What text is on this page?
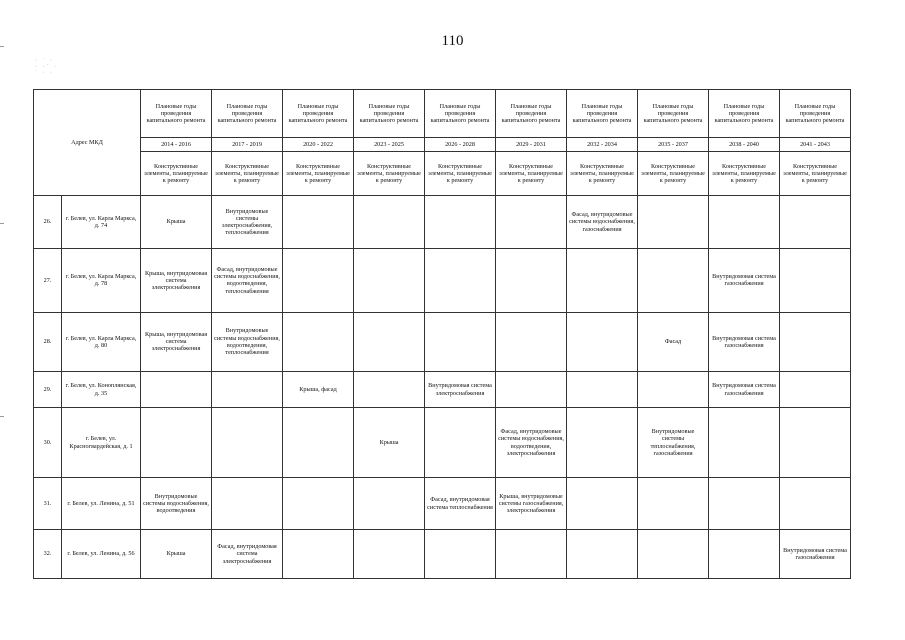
110
· ˙ ·
· ·˙ ·
˙ · ·
Адрес МКД		Плановые годы проведения капитального ремонта	Плановые годы проведения капитального ремонта	Плановые годы проведения капитального ремонта	Плановые годы проведения капитального ремонта	Плановые годы проведения капитального ремонта	Плановые годы проведения капитального ремонта	Плановые годы проведения капитального ремонта	Плановые годы проведения капитального ремонта	Плановые годы проведения капитального ремонта	Плановые годы проведения капитального ремонта
		2014 - 2016	2017 - 2019	2020 - 2022	2023 - 2025	2026 - 2028	2029 - 2031	2032 - 2034	2035 - 2037	2038 - 2040	2041 - 2043
		Конструктивные элементы, планируемые к ремонту	Конструктивные элементы, планируемые к ремонту	Конструктивные элементы, планируемые к ремонту	Конструктивные элементы, планируемые к ремонту	Конструктивные элементы, планируемые к ремонту	Конструктивные элементы, планируемые к ремонту	Конструктивные элементы, планируемые к ремонту	Конструктивные элементы, планируемые к ремонту	Конструктивные элементы, планируемые к ремонту	Конструктивные элементы, планируемые к ремонту
26.	г. Белев, ул. Карла Маркса, д. 74	Крыша	Внутридомовые системы электроснабжения, теплоснабжения					Фасад, внутридомовые системы водоснабжения, газоснабжения			
27.	г. Белев, ул. Карла Маркса, д. 78	Крыша, внутридомовая система электроснабжения	Фасад, внутридомовые системы водоснабжения, водоотведения, теплоснабжения							Внутридомовая система газоснабжения	
28.	г. Белев, ул. Карла Маркса, д. 80	Крыша, внутридомовая система электроснабжения	Внутридомовые системы водоснабжения, водоотведения, теплоснабжения						Фасад	Внутридомовая система газоснабжения	
29.	г. Белев, ул. Коноплянская, д. 35			Крыша, фасад		Внутридомовая система электроснабжения				Внутридомовая система газоснабжения	
30.	г. Белев, ул. Красногвардейская, д. 1				Крыша		Фасад, внутридомовые системы водоснабжения, водоотведения, электроснабжения		Внутридомовые системы теплоснабжения, газоснабжения		
31.	г. Белев, ул. Ленина, д. 51	Внутридомовые системы водоснабжения, водоотведения				Фасад, внутридомовая система теплоснабжения	Крыша, внутридомовые системы газоснабжения, электроснабжения				
32.	г. Белев, ул. Ленина, д. 56	Крыша	Фасад, внутридомовая система электроснабжения								Внутридомовая система газоснабжения
